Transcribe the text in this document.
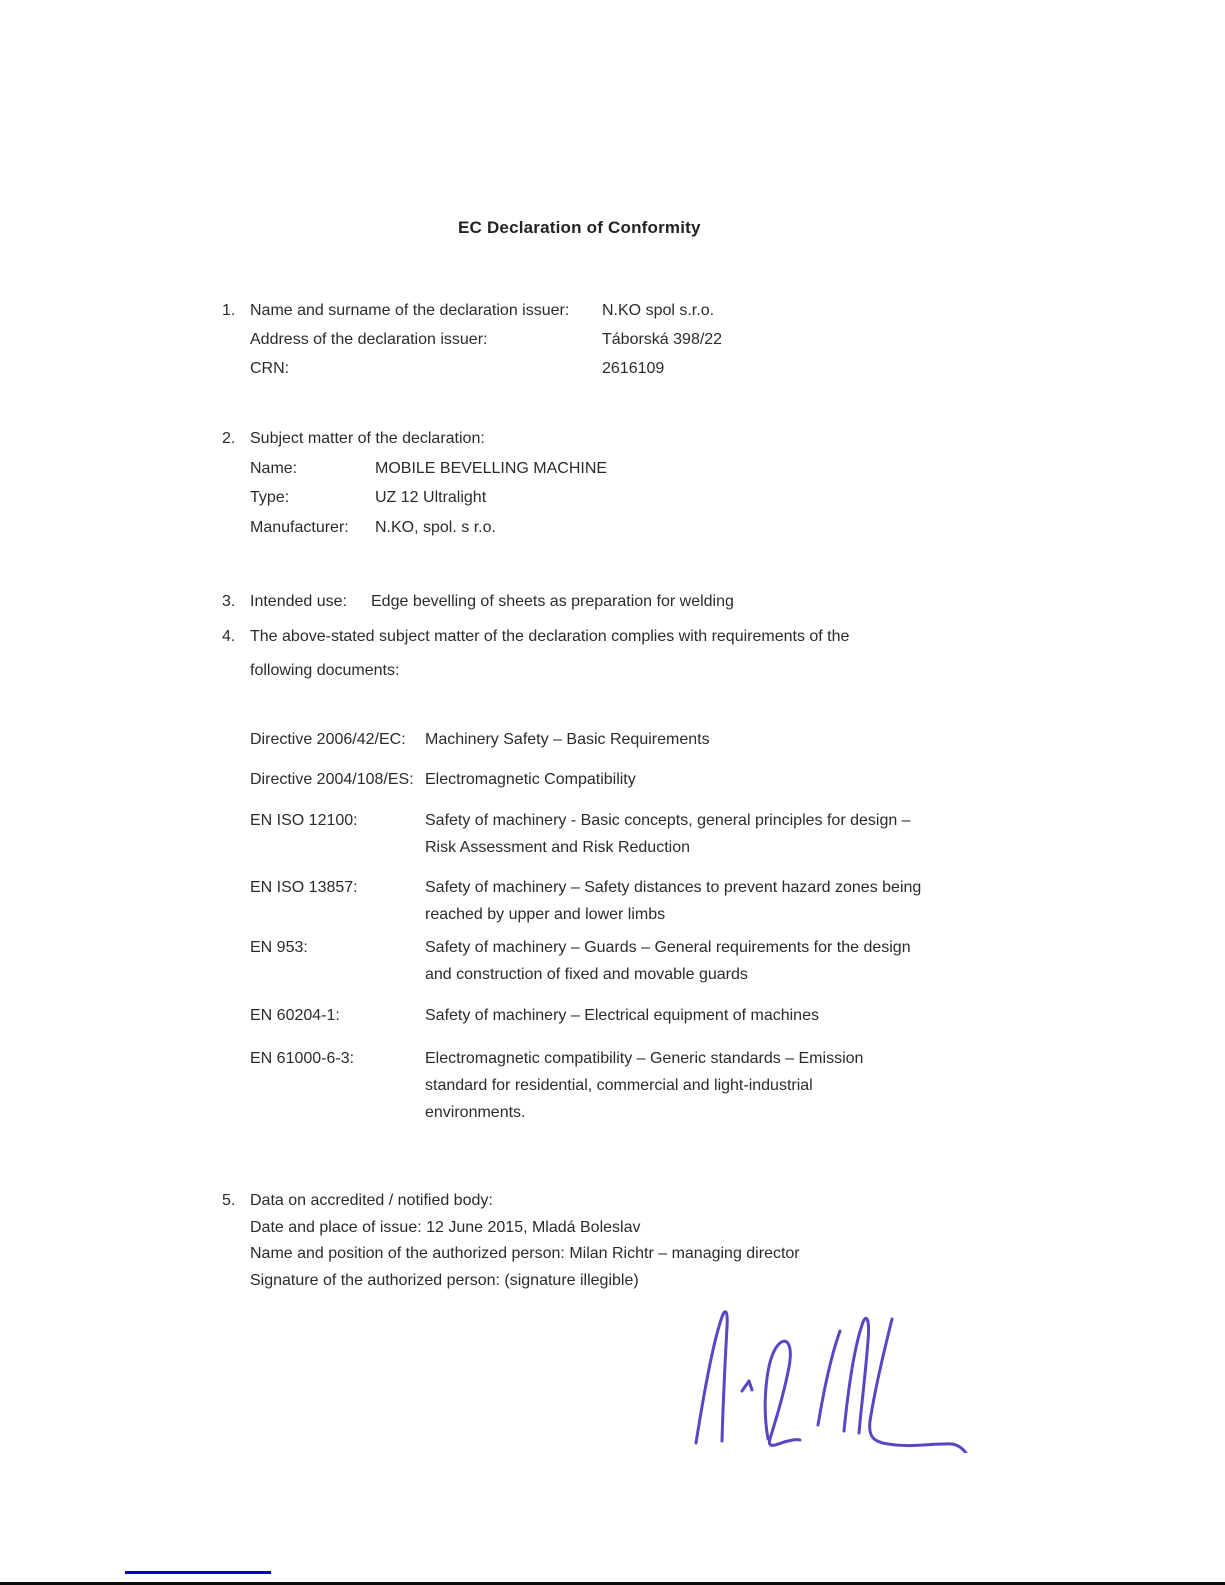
EC Declaration of Conformity
1. Name and surname of the declaration issuer:	N.KO spol s.r.o.
Address of the declaration issuer:	Táborská 398/22
CRN:	2616109
2. Subject matter of the declaration:
Name:	MOBILE BEVELLING MACHINE
Type:	UZ 12 Ultralight
Manufacturer:	N.KO, spol. s r.o.
3. Intended use:	Edge bevelling of sheets as preparation for welding
4. The above-stated subject matter of the declaration complies with requirements of the
following documents:
Directive 2006/42/EC:	Machinery Safety – Basic Requirements
Directive 2004/108/ES: Electromagnetic Compatibility
EN ISO 12100:	Safety of machinery - Basic concepts, general principles for design –
Risk Assessment and Risk Reduction
EN ISO 13857:	Safety of machinery – Safety distances to prevent hazard zones being
reached by upper and lower limbs
EN 953:	Safety of machinery – Guards – General requirements for the design
and construction of fixed and movable guards
EN 60204-1:	Safety of machinery – Electrical equipment of machines
EN 61000-6-3:	Electromagnetic compatibility – Generic standards – Emission
standard for residential, commercial and light-industrial
environments.
5. Data on accredited / notified body:
Date and place of issue: 12 June 2015, Mladá Boleslav
Name and position of the authorized person: Milan Richtr – managing director
Signature of the authorized person: (signature illegible)
